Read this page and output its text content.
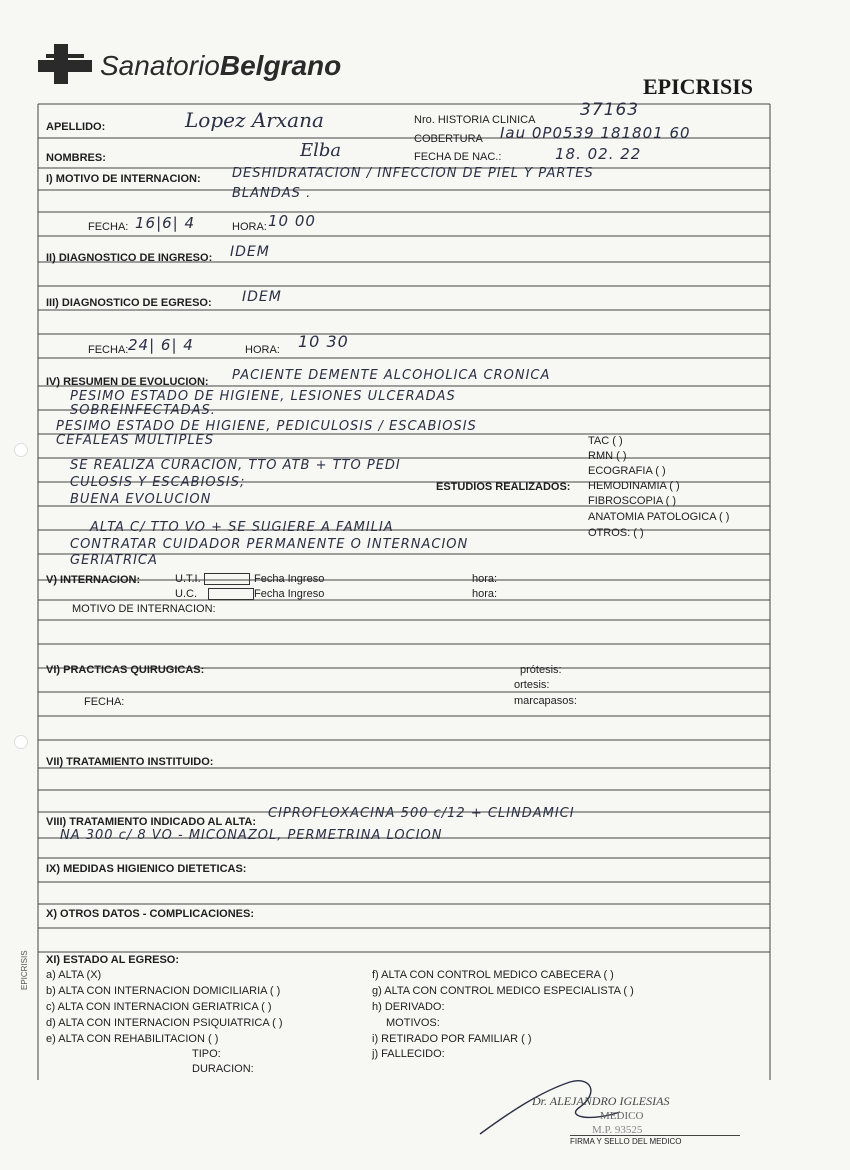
SanatorioBelgrano
EPICRISIS
APELLIDO:	Lopez Arxana
NOMBRES:	Elba
Nro. HISTORIA CLINICA	37163
COBERTURA Iau 0P0539 181801 60
FECHA DE NAC.:	18. 02. 22
I) MOTIVO DE INTERNACION: DESHIDRATACION / INFECCION DE PIEL Y PARTES
BLANDAS .
FECHA: 16|6| 4	HORA: 10 00
II) DIAGNOSTICO DE INGRESO: IDEM
III) DIAGNOSTICO DE EGRESO: IDEM
FECHA: 24| 6| 4	HORA: 10 30
IV) RESUMEN DE EVOLUCION: PACIENTE DEMENTE ALCOHOLICA CRONICA
PESIMO ESTADO DE HIGIENE, LESIONES ULCERADAS
SOBREINFECTADAS.
PESIMO ESTADO DE HIGIENE, PEDICULOSIS / ESCABIOSIS
CEFALEAS MULTIPLES
SE REALIZA CURACION, TTO ATB + TTO PEDI
CULOSIS Y ESCABIOSIS;
BUENA EVOLUCION
ALTA C/ TTO VO + SE SUGIERE A FAMILIA
CONTRATAR CUIDADOR PERMANENTE O INTERNACION
GERIATRICA
ESTUDIOS REALIZADOS:
TAC ( )
RMN ( )
ECOGRAFIA ( )
HEMODINAMIA ( )
FIBROSCOPIA ( )
ANATOMIA PATOLOGICA ( )
OTROS: ( )
V) INTERNACION:	U.T.I.	Fecha Ingreso	hora:
U.C.	Fecha Ingreso	hora:
MOTIVO DE INTERNACION:
VI) PRACTICAS QUIRUGICAS:	prótesis:
ortesis:
marcapasos:
FECHA:
VII) TRATAMIENTO INSTITUIDO:
VIII) TRATAMIENTO INDICADO AL ALTA:
CIPROFLOXACINA 500 c/12 + CLINDAMICI
NA 300 c/ 8 VO - MICONAZOL, PERMETRINA LOCION
IX) MEDIDAS HIGIENICO DIETETICAS:
X) OTROS DATOS - COMPLICACIONES:
XI) ESTADO AL EGRESO:
a) ALTA (X)
b) ALTA CON INTERNACION DOMICILIARIA ( )
c) ALTA CON INTERNACION GERIATRICA ( )
d) ALTA CON INTERNACION PSIQUIATRICA ( )
e) ALTA CON REHABILITACION ( )
TIPO:
DURACION:
f) ALTA CON CONTROL MEDICO CABECERA ( )
g) ALTA CON CONTROL MEDICO ESPECIALISTA ( )
h) DERIVADO:
MOTIVOS:
i) RETIRADO POR FAMILIAR ( )
j) FALLECIDO:
Dr. ALEJANDRO IGLESIAS
MEDICO
M.P. 93525
FIRMA Y SELLO DEL MEDICO
EPICRISIS
